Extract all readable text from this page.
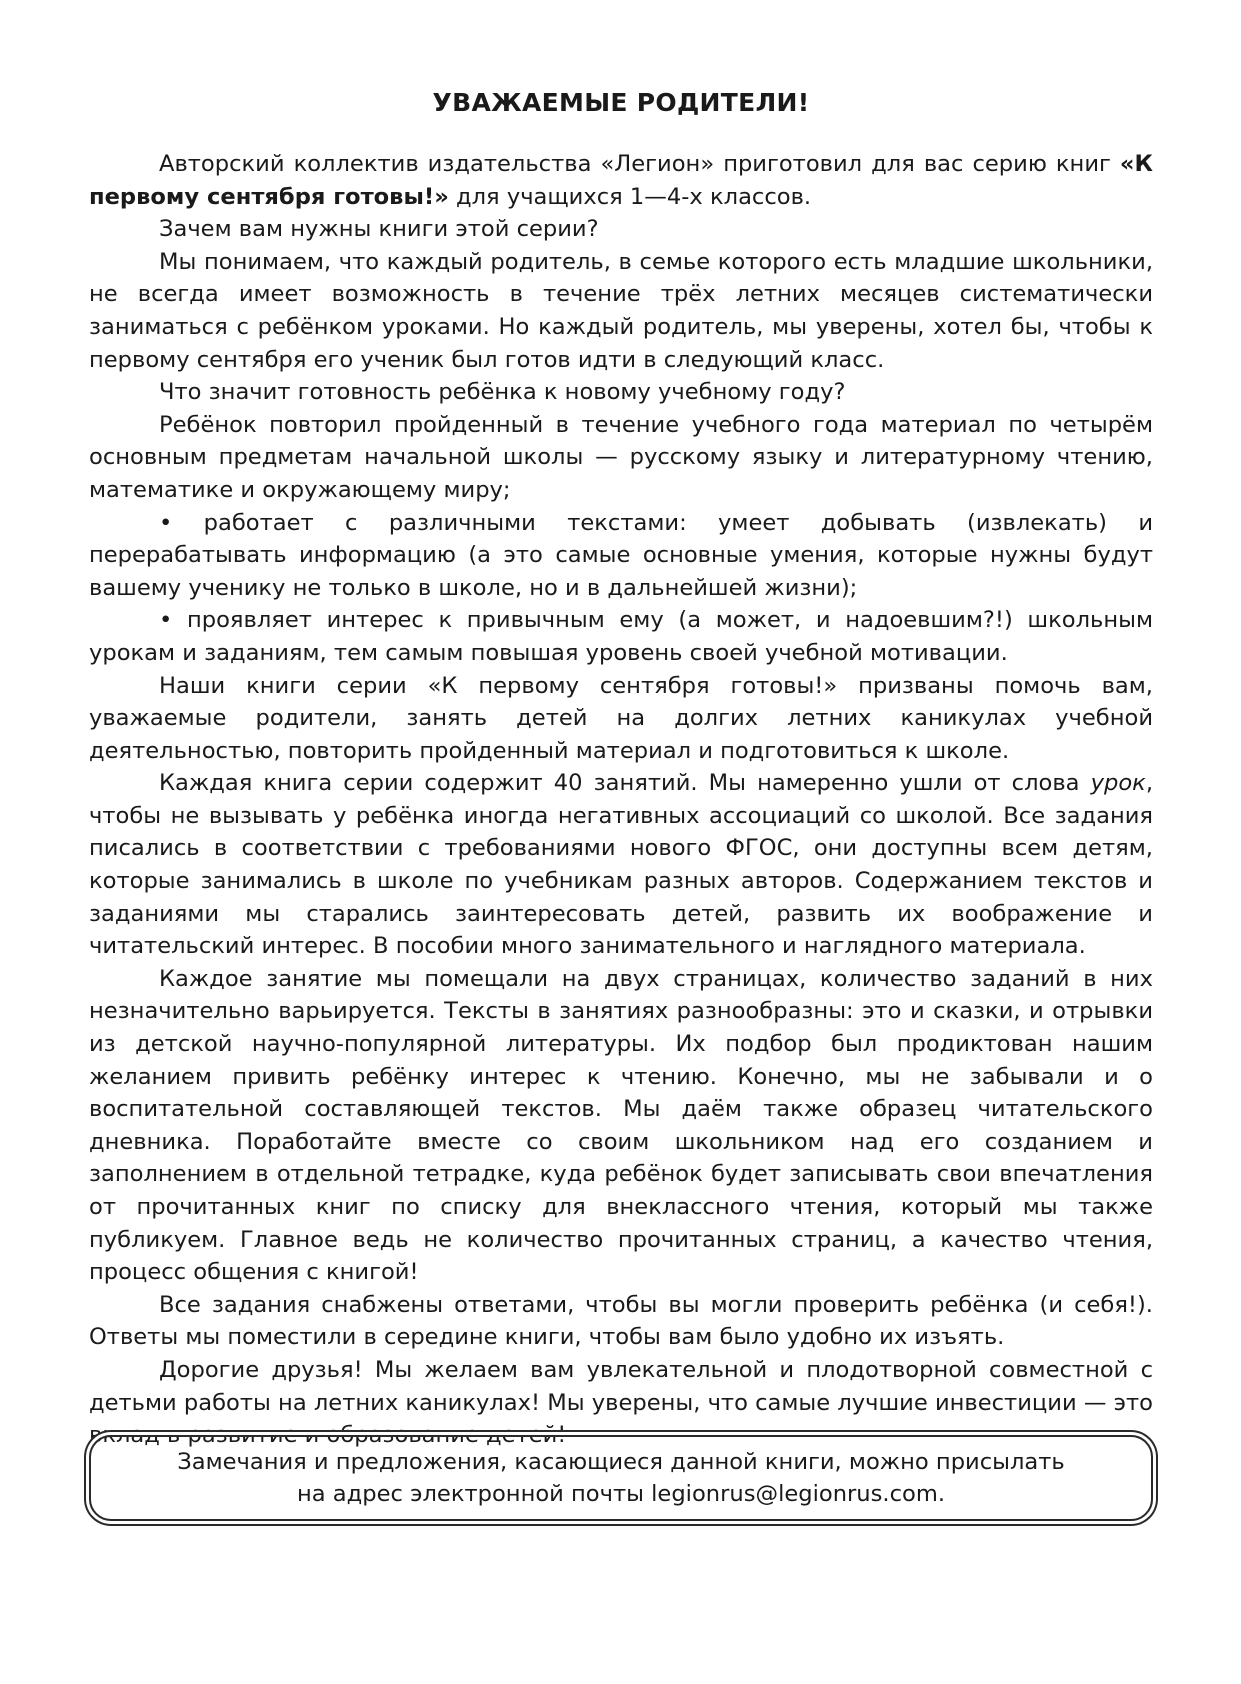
УВАЖАЕМЫЕ РОДИТЕЛИ!

Авторский коллектив издательства «Легион» приготовил для вас серию книг «К первому сентября готовы!» для учащихся 1—4-х классов.

Зачем вам нужны книги этой серии?

Мы понимаем, что каждый родитель, в семье которого есть младшие школьники, не всегда имеет возможность в течение трёх летних месяцев систематически заниматься с ребёнком уроками. Но каждый родитель, мы уверены, хотел бы, чтобы к первому сентября его ученик был готов идти в следующий класс.

Что значит готовность ребёнка к новому учебному году?

Ребёнок повторил пройденный в течение учебного года материал по четырём основным предметам начальной школы — русскому языку и литературному чтению, математике и окружающему миру;

• работает с различными текстами: умеет добывать (извлекать) и перерабатывать информацию (а это самые основные умения, которые нужны будут вашему ученику не только в школе, но и в дальнейшей жизни);

• проявляет интерес к привычным ему (а может, и надоевшим?!) школьным урокам и заданиям, тем самым повышая уровень своей учебной мотивации.

Наши книги серии «К первому сентября готовы!» призваны помочь вам, уважаемые родители, занять детей на долгих летних каникулах учебной деятельностью, повторить пройденный материал и подготовиться к школе.

Каждая книга серии содержит 40 занятий. Мы намеренно ушли от слова урок, чтобы не вызывать у ребёнка иногда негативных ассоциаций со школой. Все задания писались в соответствии с требованиями нового ФГОС, они доступны всем детям, которые занимались в школе по учебникам разных авторов. Содержанием текстов и заданиями мы старались заинтересовать детей, развить их воображение и читательский интерес. В пособии много занимательного и наглядного материала.

Каждое занятие мы помещали на двух страницах, количество заданий в них незначительно варьируется. Тексты в занятиях разнообразны: это и сказки, и отрывки из детской научно-популярной литературы. Их подбор был продиктован нашим желанием привить ребёнку интерес к чтению. Конечно, мы не забывали и о воспитательной составляющей текстов. Мы даём также образец читательского дневника. Поработайте вместе со своим школьником над его созданием и заполнением в отдельной тетрадке, куда ребёнок будет записывать свои впечатления от прочитанных книг по списку для внеклассного чтения, который мы также публикуем. Главное ведь не количество прочитанных страниц, а качество чтения, процесс общения с книгой!

Все задания снабжены ответами, чтобы вы могли проверить ребёнка (и себя!). Ответы мы поместили в середине книги, чтобы вам было удобно их изъять.

Дорогие друзья! Мы желаем вам увлекательной и плодотворной совместной с детьми работы на летних каникулах! Мы уверены, что самые лучшие инвестиции — это вклад в развитие и образование детей!

Замечания и предложения, касающиеся данной книги, можно присылать

на адрес электронной почты legionrus@legionrus.com.
